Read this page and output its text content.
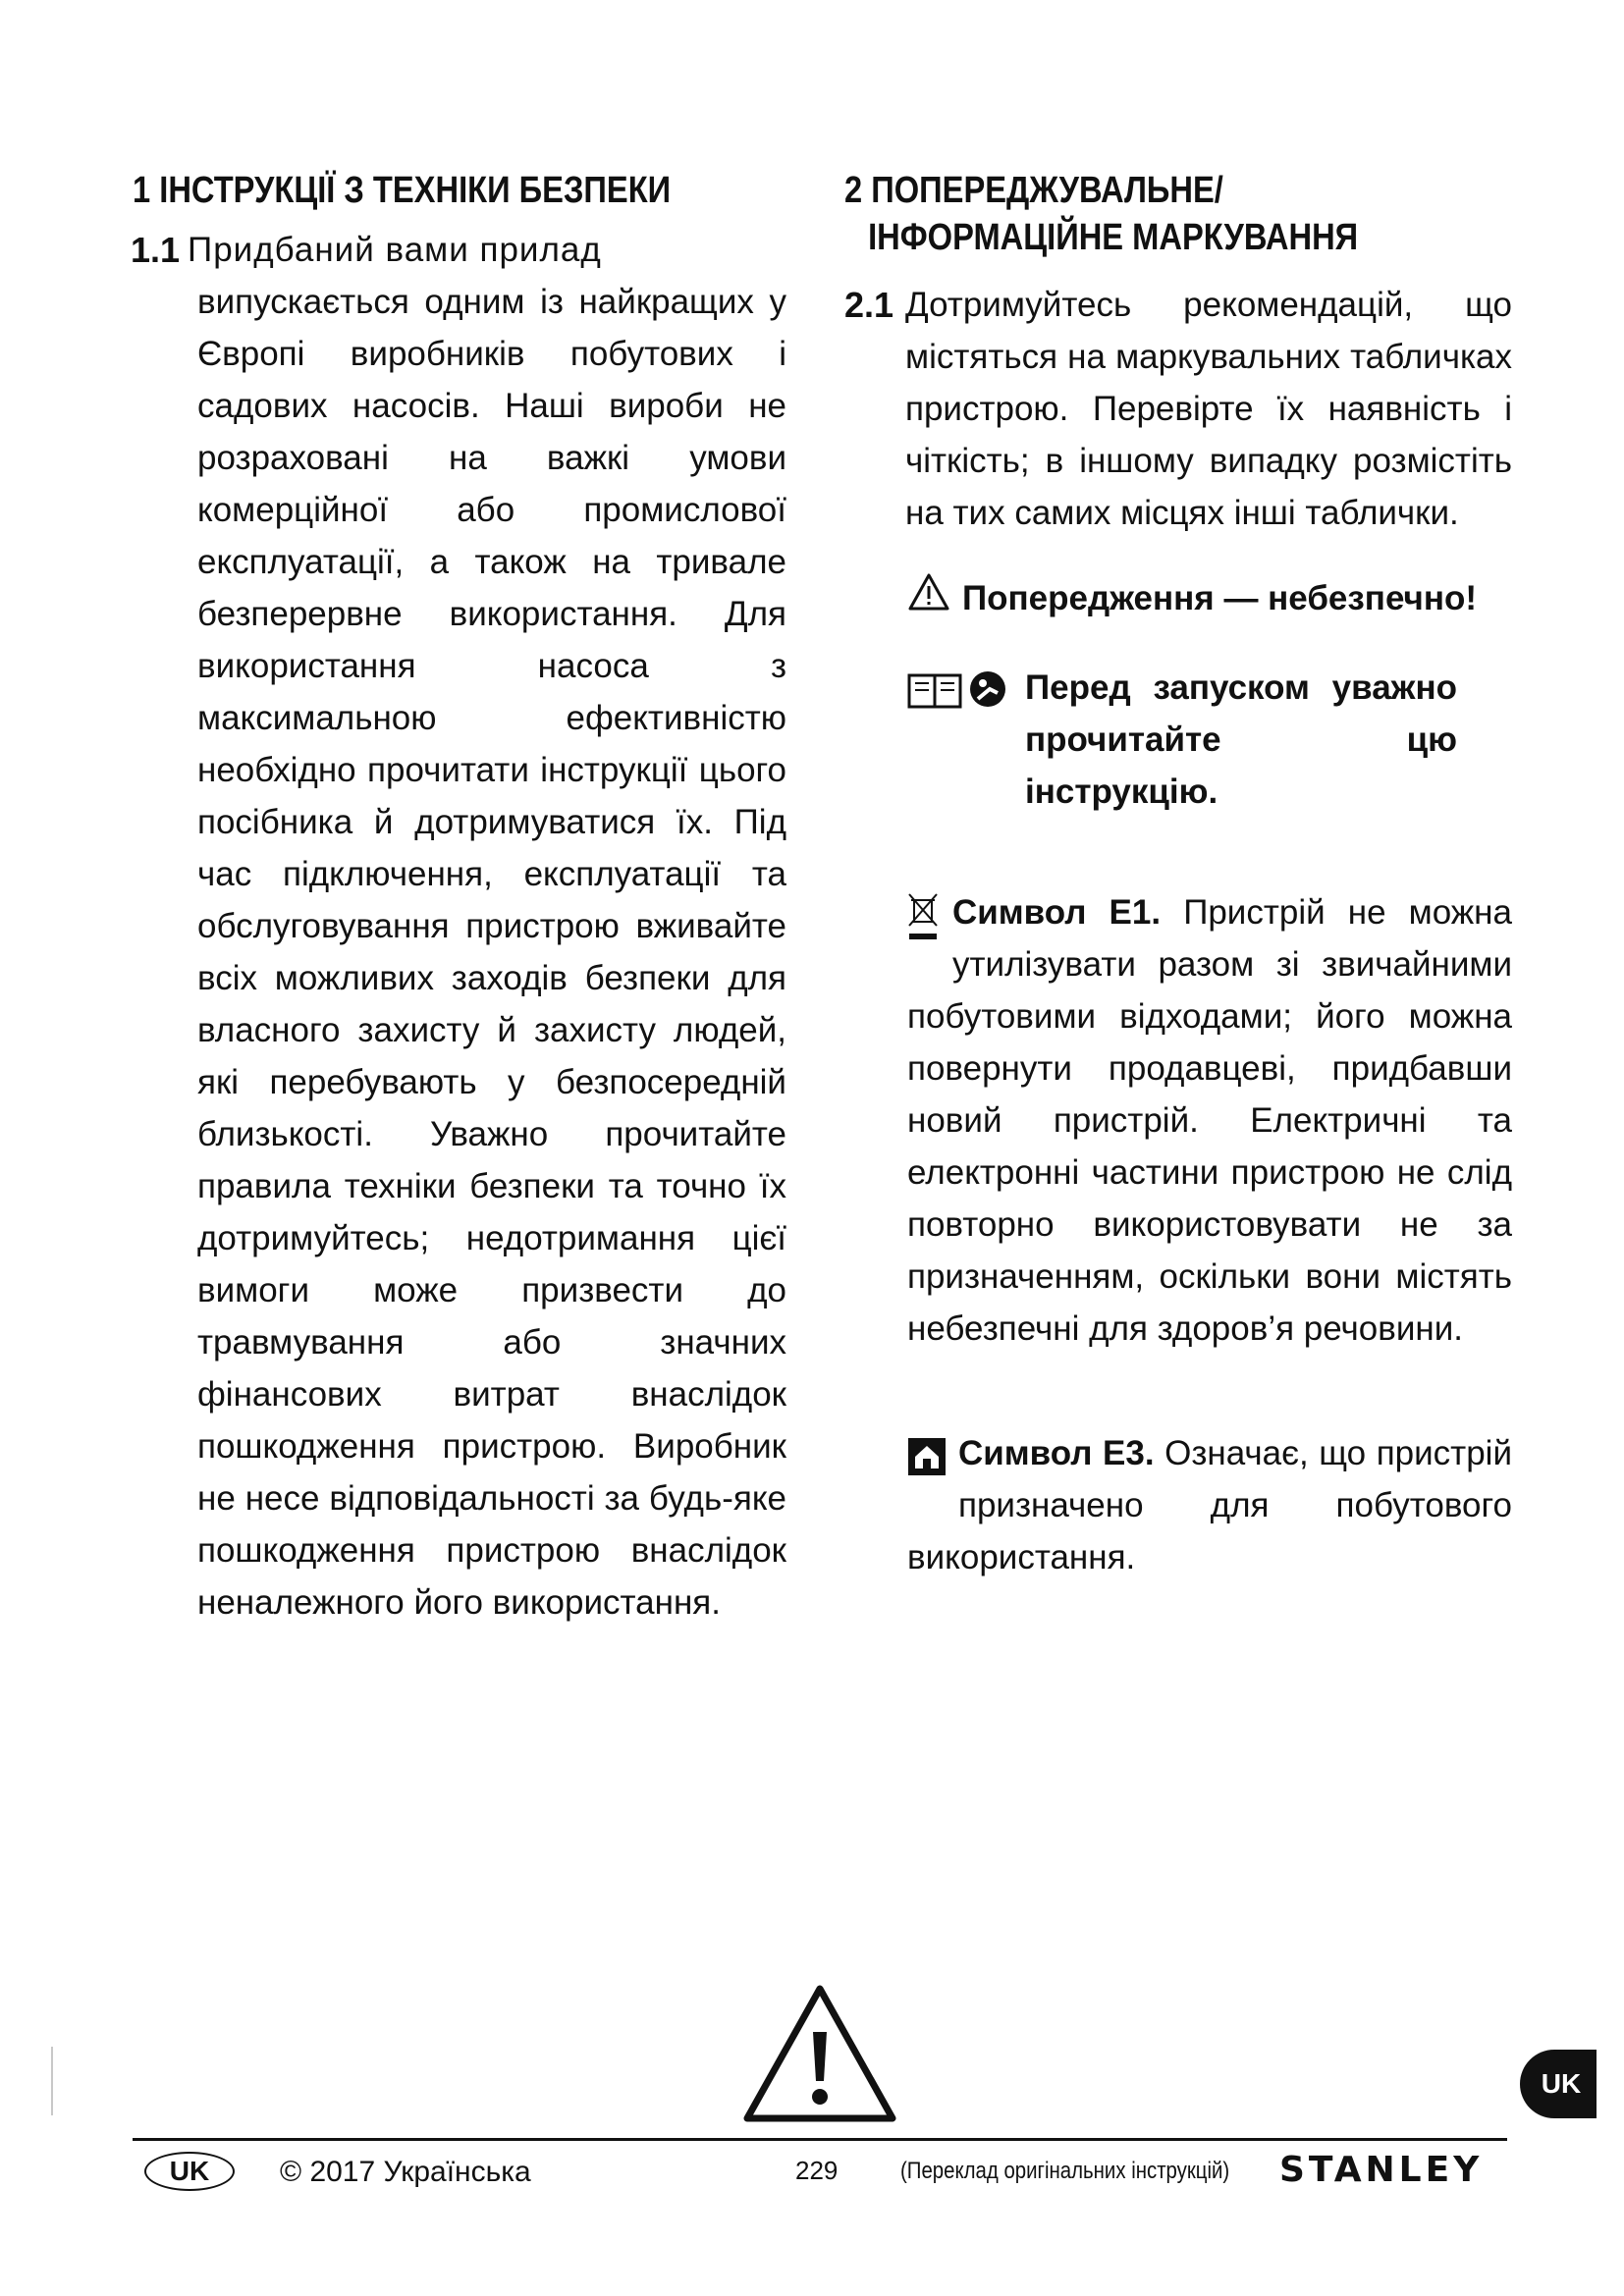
1 ІНСТРУКЦІЇ З ТЕХНІКИ БЕЗПЕКИ
1.1 Придбаний вами прилад

випускається одним із найкращих у Європі виробників побутових і садових насосів. Наші вироби не розраховані на важкі умови комерційної або промислової експлуатації, а також на тривале безперервне використання. Для використання насоса з максимальною ефективністю необхідно прочитати інструкції цього посібника й дотримуватися їх. Під час підключення, експлуатації та обслуговування пристрою вживайте всіх можливих заходів безпеки для власного захисту й захисту людей, які перебувають у безпосередній близькості. Уважно прочитайте правила техніки безпеки та точно їх дотримуйтесь; недотримання цієї вимоги може призвести до травмування або значних фінансових витрат внаслідок пошкодження пристрою. Виробник не несе відповідальності за будь-яке пошкодження пристрою внаслідок неналежного його використання.

2 ПОПЕРЕДЖУВАЛЬНЕ/
ІНФОРМАЦІЙНЕ МАРКУВАННЯ
2.1 Дотримуйтесь рекомендацій, що містяться на маркувальних табличках пристрою. Перевірте їх наявність і чіткість; в іншому випадку розмістіть на тих самих місцях інші таблички.

Попередження — небезпечно!

Перед запуском уважно прочитайте цю інструкцію.

Символ E1. Пристрій не можна утилізувати разом зі звичайними побутовими відходами; його можна повернути продавцеві, придбавши новий пристрій. Електричні та електронні частини пристрою не слід повторно використовувати не за призначенням, оскільки вони містять небезпечні для здоров’я речовини.

Символ E3. Означає, що пристрій призначено для побутового використання.

UK
UK	© 2017 Українська	229	(Переклад оригінальних інструкцій) STANLEY
